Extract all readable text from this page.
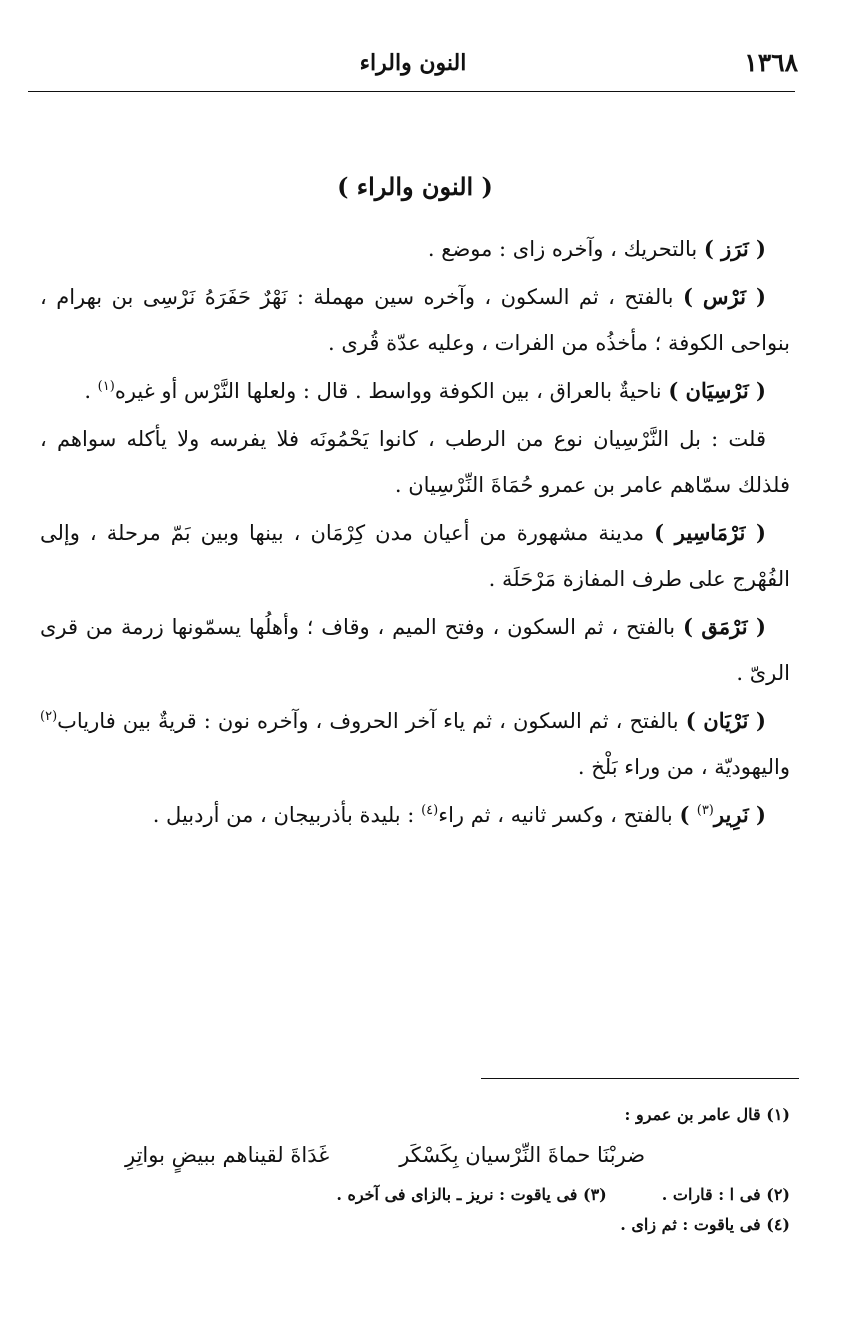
١٣٦٨
النون والراء
( النون والراء )

( نَرَز ) بالتحريك ، وآخره زاى : موضع .

( نَرْس ) بالفتح ، ثم السكون ، وآخره سين مهملة : نَهْرٌ حَفَرَهُ نَرْسِى بن بهرام ، بنواحى الكوفة ؛ مأخذُه من الفرات ، وعليه عدّة قُرى .

( نَرْسِيَان ) ناحيةٌ بالعراق ، بين الكوفة وواسط . قال : ولعلها النَّرْس أو غيره$^{(١)}$ .

قلت : بل النَّرْسِيان نوع من الرطب ، كانوا يَحْمُونَه فلا يفرسه ولا يأكله سواهم ، فلذلك سمّاهم عامر بن عمرو حُمَاةَ النِّرْسِيان .

( نَرْمَاسِير ) مدينة مشهورة من أعيان مدن كِرْمَان ، بينها وبين بَمّ مرحلة ، وإلى الفُهْرج على طرف المفازة مَرْحَلَة .

( نَرْمَق ) بالفتح ، ثم السكون ، وفتح الميم ، وقاف ؛ وأهلُها يسمّونها زرمة من قرى الرىّ .

( نَرْيَان ) بالفتح ، ثم السكون ، ثم ياء آخر الحروف ، وآخره نون : قريةٌ بين فارياب$^{(٢)}$ واليهوديّة ، من وراء بَلْخ .

( نَرِير$^{(٣)}$ ) بالفتح ، وكسر ثانيه ، ثم راء$^{(٤)}$ : بليدة بأذربيجان ، من أردبيل .

(١) قال عامر بن عمرو :

ضربْنَا حماةَ النِّرْسيان بِكَسْكَر
غَدَاةَ لقيناهم ببيضٍ بواتِرِ

(٢) فى ا : قارات .

(٣) فى ياقوت : نريز ـ بالزاى فى آخره .

(٤) فى ياقوت : ثم زاى .
